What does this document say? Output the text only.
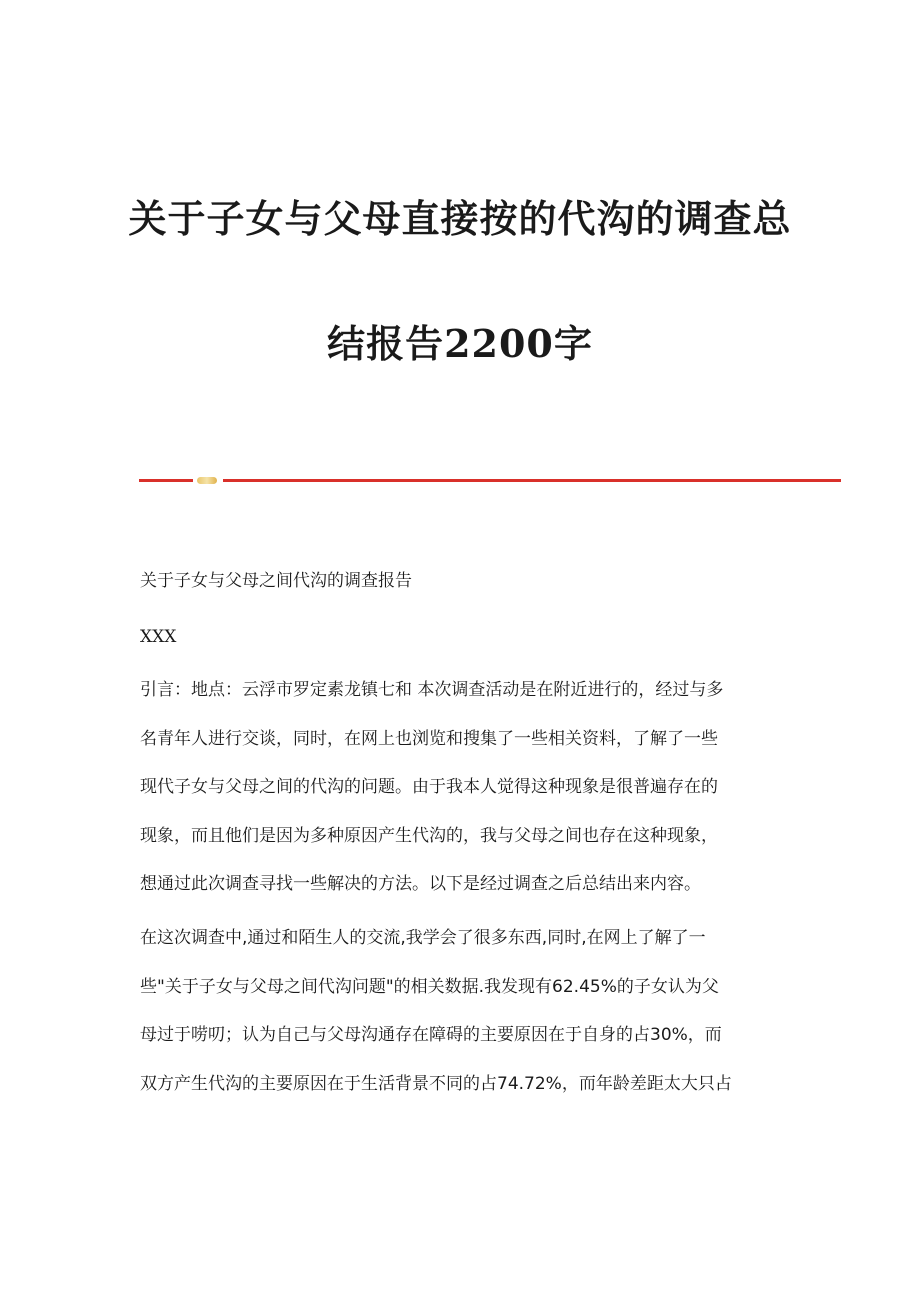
关于子女与父母直接按的代沟的调查总
结报告2200字
关于子女与父母之间代沟的调查报告
XXX
引言：地点：云浮市罗定素龙镇七和 本次调查活动是在附近进行的，经过与多
名青年人进行交谈，同时，在网上也浏览和搜集了一些相关资料，了解了一些
现代子女与父母之间的代沟的问题。由于我本人觉得这种现象是很普遍存在的
现象，而且他们是因为多种原因产生代沟的，我与父母之间也存在这种现象，
想通过此次调查寻找一些解决的方法。以下是经过调查之后总结出来内容。
在这次调查中,通过和陌生人的交流,我学会了很多东西,同时,在网上了解了一
些"关于子女与父母之间代沟问题"的相关数据.我发现有62.45%的子女认为父
母过于唠叨；认为自己与父母沟通存在障碍的主要原因在于自身的占30%，而
双方产生代沟的主要原因在于生活背景不同的占74.72%，而年龄差距太大只占
